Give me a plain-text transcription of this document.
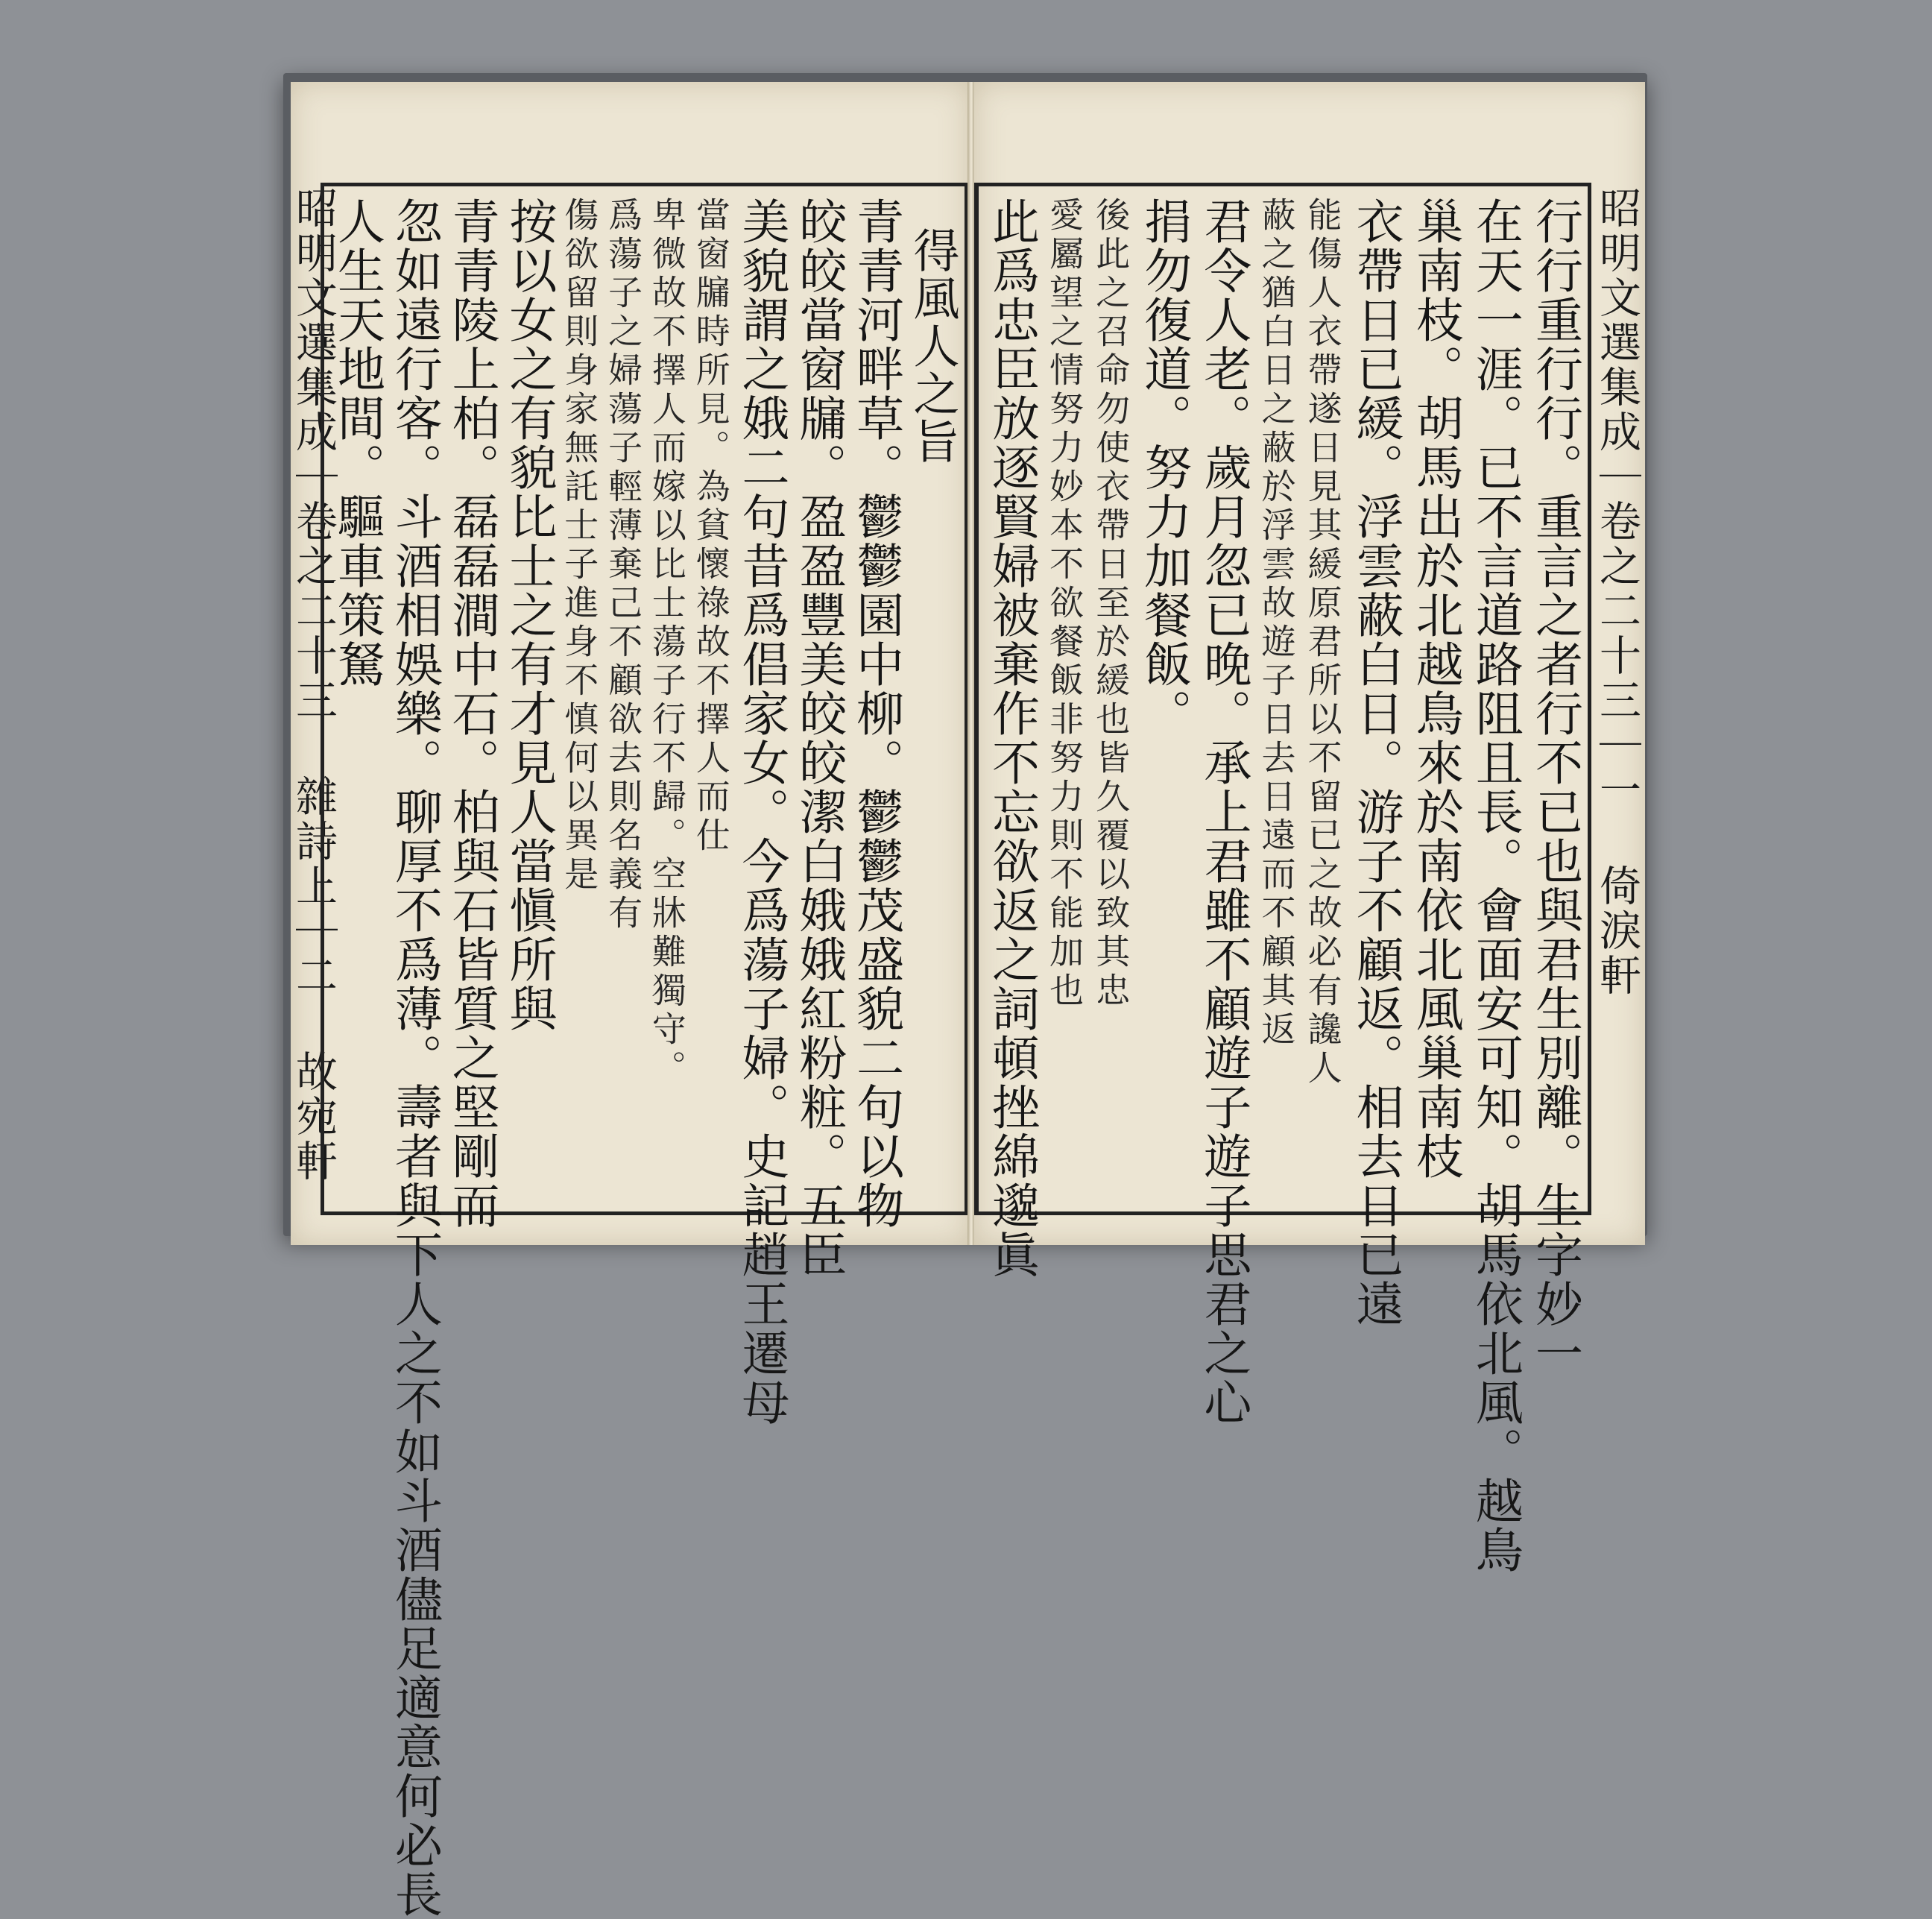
昭明文選集成｜卷之二十三 雜詩上｜二 故宛軒	得風人之旨
青青河畔草。鬱鬱園中柳。鬱鬱茂盛貌二句以物
皎皎當窗牖。盈盈豐美皎皎潔白娥娥紅粉粧。五臣
美貌謂之娥二句昔爲倡家女。今爲蕩子婦。史記趙王遷母
當窗牖時所見。為貧懷祿故不擇人而仕
卑微故不擇人而嫁以比士蕩子行不歸。空牀難獨守。
爲蕩子之婦蕩子輕薄棄己不顧欲去則名義有
傷欲留則身家無託士子進身不慎何以異是
按以女之有貌比士之有才見人當愼所與
青青陵上柏。磊磊澗中石。柏與石皆質之堅剛而
忽如遠行客。斗酒相娛樂。聊厚不爲薄。壽者與下人之不如斗酒儘足適意何必長
人生天地間。驅車策駑	昭明文選集成｜卷之二十三｜一 倚淚軒
行行重行行。重言之者行不已也與君生別離。生字妙一
在天一涯。已不言道路阻且長。會面安可知。胡馬依北風。越鳥
巢南枝。胡馬出於北越鳥來於南依北風巢南枝
衣帶日已緩。浮雲蔽白日。游子不顧返。相去日已遠
能傷人衣帶遂日見其緩原君所以不留已之故必有讒人
蔽之猶白日之蔽於浮雲故遊子日去日遠而不顧其返
君令人老。歲月忽已晚。承上君雖不顧遊子遊子思君之心
捐勿復道。努力加餐飯。
後此之召命勿使衣帶日至於緩也皆久覆以致其忠
愛屬望之情努力妙本不欲餐飯非努力則不能加也
此爲忠臣放逐賢婦被棄作不忘欲返之詞頓挫綿邈眞
